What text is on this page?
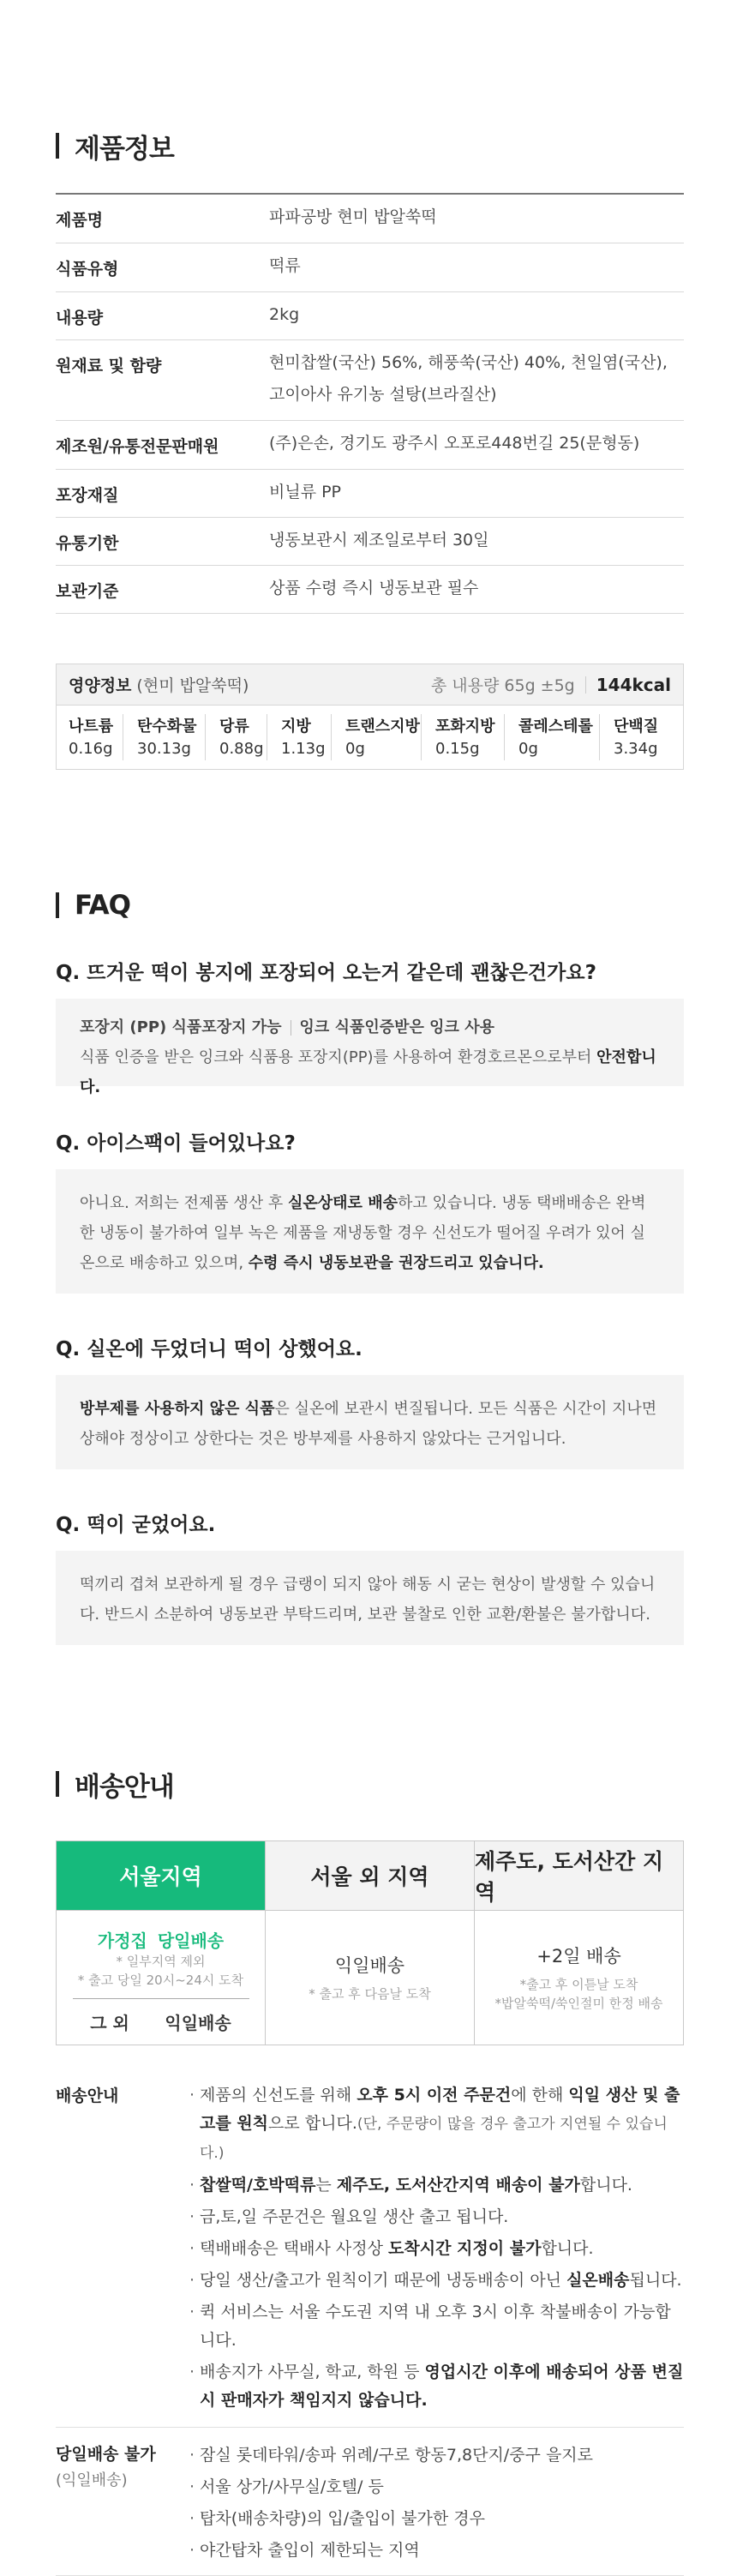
제품정보
제품명	파파공방 현미 밥알쑥떡
식품유형	떡류
내용량	2kg
원재료 및 함량	현미찹쌀(국산) 56%, 해풍쑥(국산) 40%, 천일염(국산), 고이아사 유기농 설탕(브라질산)
제조원/유통전문판매원	(주)은손, 경기도 광주시 오포로448번길 25(문형동)
포장재질	비닐류 PP
유통기한	냉동보관시 제조일로부터 30일
보관기준	상품 수령 즉시 냉동보관 필수
영양정보 (현미 밥알쑥떡)	총 내용량 65g ±5g 144kcal
나트륨
0.16g
탄수화물
30.13g
당류
0.88g
지방
1.13g
트랜스지방
0g
포화지방
0.15g
콜레스테롤
0g
단백질
3.34g
FAQ
Q. 뜨거운 떡이 봉지에 포장되어 오는거 같은데 괜찮은건가요?
포장지 (PP) 식품포장지 가능 잉크 식품인증받은 잉크 사용
식품 인증을 받은 잉크와 식품용 포장지(PP)를 사용하여 환경호르몬으로부터 안전합니다.
Q. 아이스팩이 들어있나요?
아니요. 저희는 전제품 생산 후 실온상태로 배송하고 있습니다. 냉동 택배배송은 완벽한 냉동이 불가하여 일부 녹은 제품을 재냉동할 경우 신선도가 떨어질 우려가 있어 실온으로 배송하고 있으며, 수령 즉시 냉동보관을 권장드리고 있습니다.
Q. 실온에 두었더니 떡이 상했어요.
방부제를 사용하지 않은 식품은 실온에 보관시 변질됩니다. 모든 식품은 시간이 지나면 상해야 정상이고 상한다는 것은 방부제를 사용하지 않았다는 근거입니다.
Q. 떡이 굳었어요.
떡끼리 겹쳐 보관하게 될 경우 급랭이 되지 않아 해동 시 굳는 현상이 발생할 수 있습니다. 반드시 소분하여 냉동보관 부탁드리며, 보관 불찰로 인한 교환/환불은 불가합니다.
배송안내
서울지역	서울 외 지역
제주도, 도서산간 지역
가정집 당일배송
* 일부지역 제외
* 출고 당일 20시~24시 도착
그 외 익일배송
익일배송
* 출고 후 다음날 도착
+2일 배송
*출고 후 이튿날 도착
*밥알쑥떡/쑥인절미 한정 배송
배송안내
·	제품의 신선도를 위해 오후 5시 이전 주문건에 한해 익일 생산 및 출고를 원칙으로 합니다.(단, 주문량이 많을 경우 출고가 지연될 수 있습니다.)
· 찹쌀떡/호박떡류는 제주도, 도서산간지역 배송이 불가합니다.
· 금,토,일 주문건은 월요일 생산 출고 됩니다.
· 택배배송은 택배사 사정상 도착시간 지정이 불가합니다.
· 당일 생산/출고가 원칙이기 때문에 냉동배송이 아닌 실온배송됩니다.
· 퀵 서비스는 서울 수도권 지역 내 오후 3시 이후 착불배송이 가능합니다.
· 배송지가 사무실, 학교, 학원 등 영업시간 이후에 배송되어 상품 변질 시 판매자가 책임지지 않습니다.
당일배송 불가
(익일배송)
· 잠실 롯데타워/송파 위례/구로 항동7,8단지/중구 을지로
· 서울 상가/사무실/호텔/ 등
· 탑차(배송차량)의 입/출입이 불가한 경우
· 야간탑차 출입이 제한되는 지역
